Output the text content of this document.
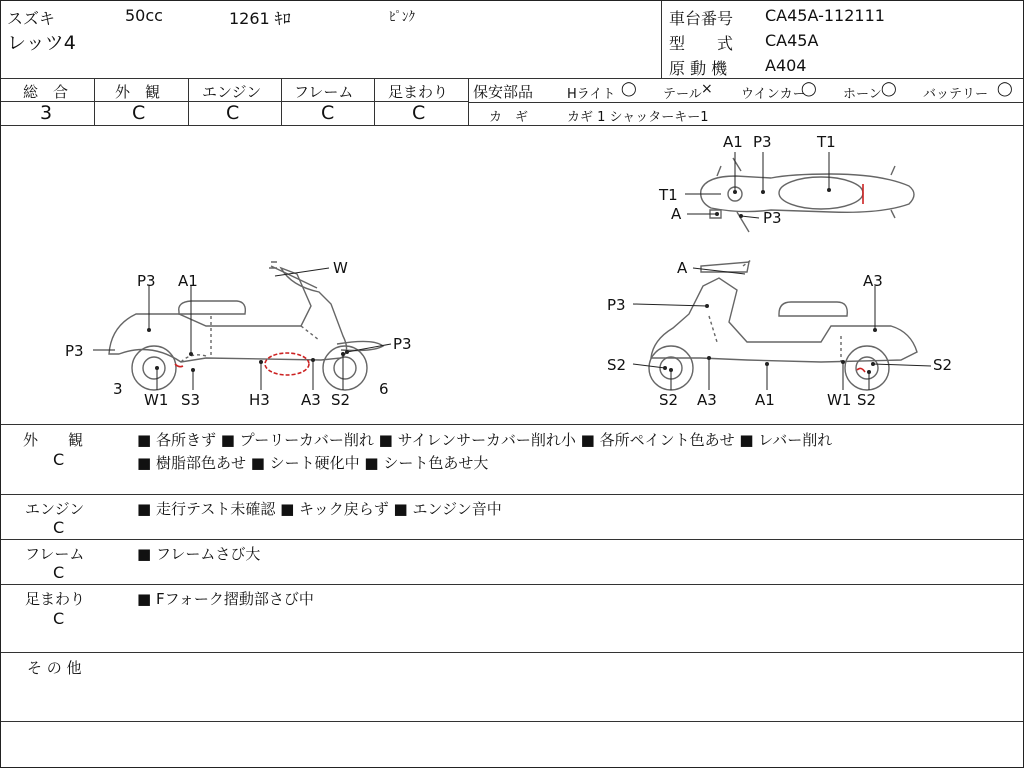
スズキ	50cc	1261 ｷﾛ	ﾋﾟﾝｸ
レッツ4
車台番号 CA45A-112111
型　　式 CA45A
原 動 機 A404
総　合
3
外　観
C
エンジン
C
フレーム
C
足まわり
C
保安部品	Hライト ◯ テール × ウインカー
◯ ホーン ◯ バッテリー ◯
カ　ギ	カギ 1 シャッターキー1
A1 P3	T1
T1
A	P3
W
P3 A1
P3	P3
3
W1 S3	H3 A3 S2
6
A
A3
P3
S2	S2
S2 A3	A1	W1 S2
外　　観
C
■ 各所きず ■ プーリーカバー削れ ■ サイレンサーカバー削れ小 ■ 各所ペイント色あせ ■ レバー削れ
■ 樹脂部色あせ ■ シート硬化中 ■ シート色あせ大
エンジン
C
■ 走行テスト未確認 ■ キック戻らず ■ エンジン音中
フレーム
C
■ フレームさび大
足まわり
C
■ Fフォーク摺動部さび中
そ の 他
